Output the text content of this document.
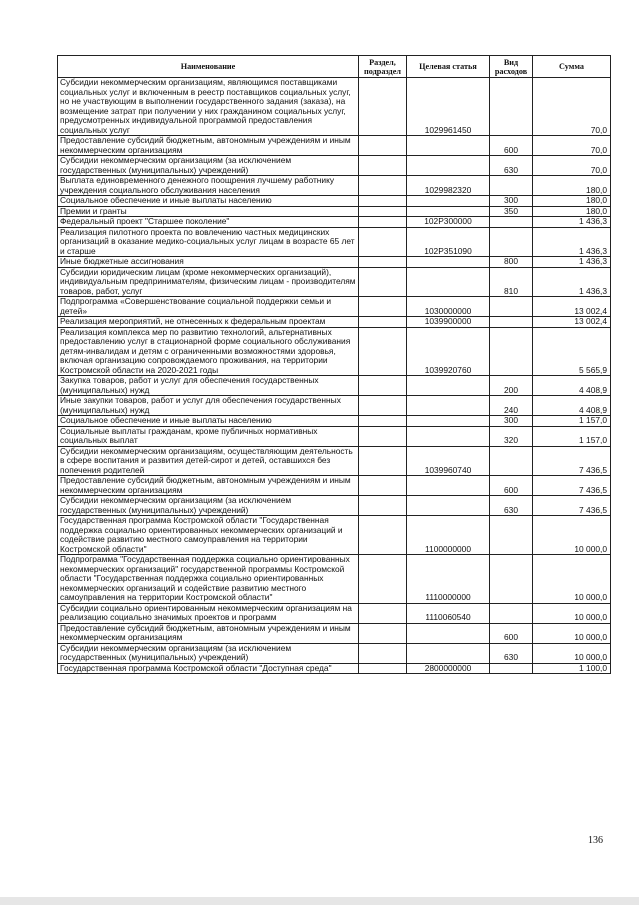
Наименование	Раздел, подраздел	Целевая статья	Вид расходов	Сумма
Субсидии некоммерческим организациям, являющимся поставщиками социальных услуг и включенным в реестр поставщиков социальных услуг, но не участвующим в выполнении государственного задания (заказа), на возмещение затрат при получении у них гражданином социальных услуг, предусмотренных индивидуальной программой предоставления социальных услуг		1029961450		70,0
Предоставление субсидий бюджетным, автономным учреждениям и иным некоммерческим организациям			600	70,0
Субсидии некоммерческим организациям (за исключением государственных (муниципальных) учреждений)			630	70,0
Выплата единовременного денежного поощрения лучшему работнику учреждения социального обслуживания населения		1029982320		180,0
Социальное обеспечение и иные выплаты населению			300	180,0
Премии и гранты			350	180,0
Федеральный проект "Старшее поколение"		102P300000		1 436,3
Реализация пилотного проекта по вовлечению частных медицинских организаций в оказание медико-социальных услуг лицам в возрасте 65 лет и старше		102P351090		1 436,3
Иные бюджетные ассигнования			800	1 436,3
Субсидии юридическим лицам (кроме некоммерческих организаций), индивидуальным предпринимателям, физическим лицам - производителям товаров, работ, услуг			810	1 436,3
Подпрограмма «Совершенствование социальной поддержки семьи и детей»		1030000000		13 002,4
Реализация мероприятий, не отнесенных к федеральным проектам		1039900000		13 002,4
Реализация комплекса мер по развитию технологий, альтернативных предоставлению услуг в стационарной форме социального обслуживания детям-инвалидам и детям с ограниченными возможностями здоровья, включая организацию сопровождаемого проживания, на территории Костромской области на 2020-2021 годы		1039920760		5 565,9
Закупка товаров, работ и услуг для обеспечения государственных (муниципальных) нужд			200	4 408,9
Иные закупки товаров, работ и услуг для обеспечения государственных (муниципальных) нужд			240	4 408,9
Социальное обеспечение и иные выплаты населению			300	1 157,0
Социальные выплаты гражданам, кроме публичных нормативных социальных выплат			320	1 157,0
Субсидии некоммерческим организациям, осуществляющим деятельность в сфере воспитания и развития детей-сирот и детей, оставшихся без попечения родителей		1039960740		7 436,5
Предоставление субсидий бюджетным, автономным учреждениям и иным некоммерческим организациям			600	7 436,5
Субсидии некоммерческим организациям (за исключением государственных (муниципальных) учреждений)			630	7 436,5
Государственная программа Костромской области "Государственная поддержка социально ориентированных некоммерческих организаций и содействие развитию местного самоуправления на территории Костромской области"		1100000000		10 000,0
Подпрограмма "Государственная поддержка социально ориентированных некоммерческих организаций" государственной программы Костромской области "Государственная поддержка социально ориентированных некоммерческих организаций и содействие развитию местного самоуправления на территории Костромской области"		1110000000		10 000,0
Субсидии социально ориентированным некоммерческим организациям на реализацию социально значимых проектов и программ		1110060540		10 000,0
Предоставление субсидий бюджетным, автономным учреждениям и иным некоммерческим организациям			600	10 000,0
Субсидии некоммерческим организациям (за исключением государственных (муниципальных) учреждений)			630	10 000,0
Государственная программа Костромской области "Доступная среда"		2800000000		1 100,0
136
